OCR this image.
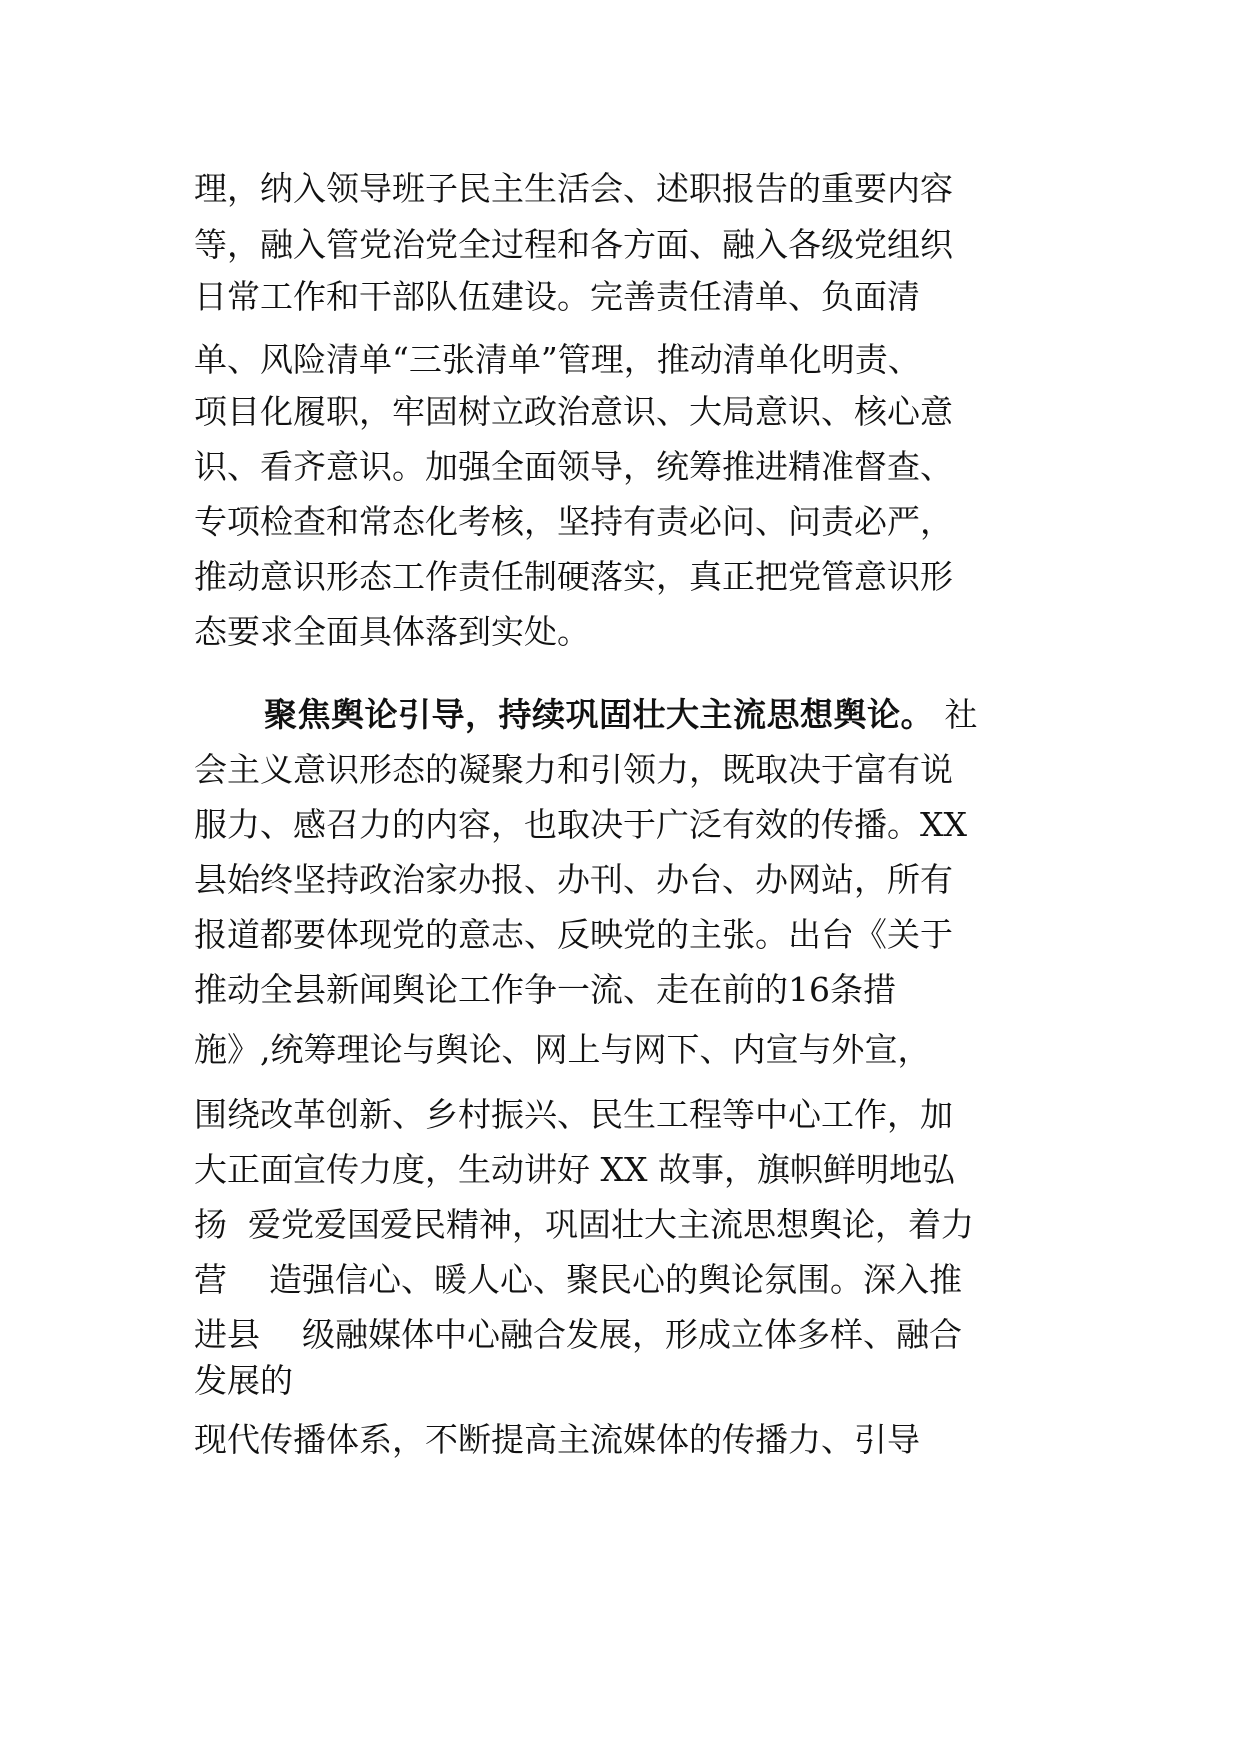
理，纳入领导班子民主生活会、述职报告的重要内容

等，融入管党治党全过程和各方面、融入各级党组织

日常工作和干部队伍建设。完善责任清单、负面清

单、风险清单“三张清单”管理，推动清单化明责、

项目化履职，牢固树立政治意识、大局意识、核心意

识、看齐意识。加强全面领导，统筹推进精准督查、

专项检查和常态化考核，坚持有责必问、问责必严，

推动意识形态工作责任制硬落实，真正把党管意识形

态要求全面具体落到实处。

聚焦舆论引导，持续巩固壮大主流思想舆论。 社

会主义意识形态的凝聚力和引领力，既取决于富有说

服力、感召力的内容，也取决于广泛有效的传播。XX

县始终坚持政治家办报、办刊、办台、办网站，所有

报道都要体现党的意志、反映党的主张。出台《关于

推动全县新闻舆论工作争一流、走在前的16条措

施》,统筹理论与舆论、网上与网下、内宣与外宣，

围绕改革创新、乡村振兴、民生工程等中心工作，加

大正面宣传力度，生动讲好 XX 故事，旗帜鲜明地弘

扬  爱党爱国爱民精神，巩固壮大主流思想舆论，着力

营    造强信心、暖人心、聚民心的舆论氛围。深入推

进县    级融媒体中心融合发展，形成立体多样、融合

发展的

现代传播体系，不断提高主流媒体的传播力、引导
